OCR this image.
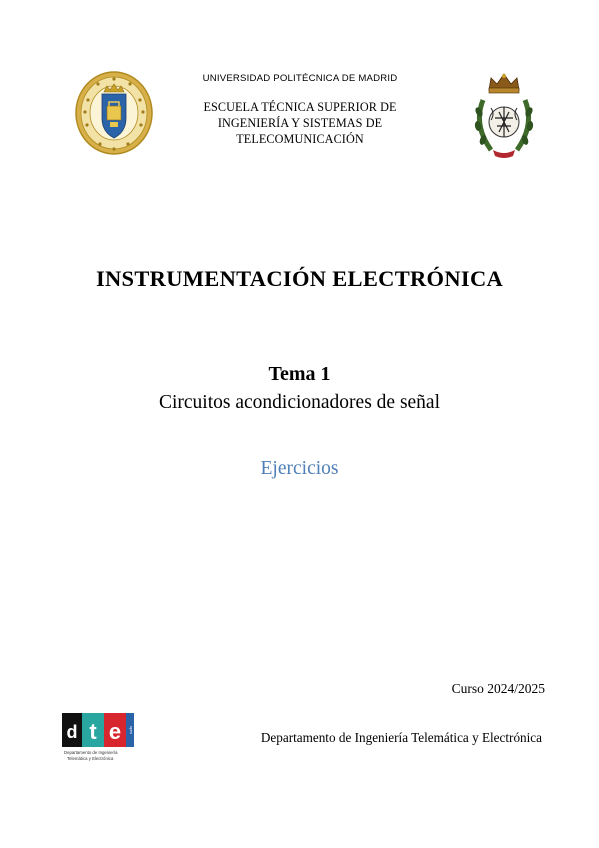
UNIVERSIDAD POLITÉCNICA DE MADRID
ESCUELA TÉCNICA SUPERIOR DE
INGENIERÍA Y SISTEMAS DE
TELECOMUNICACIÓN
INSTRUMENTACIÓN ELECTRÓNICA
Tema 1
Circuitos acondicionadores de señal
Ejercicios
Curso 2024/2025
d t e upm
Departamento de Ingeniería
Telemática y Electrónica
Departamento de Ingeniería Telemática y Electrónica
